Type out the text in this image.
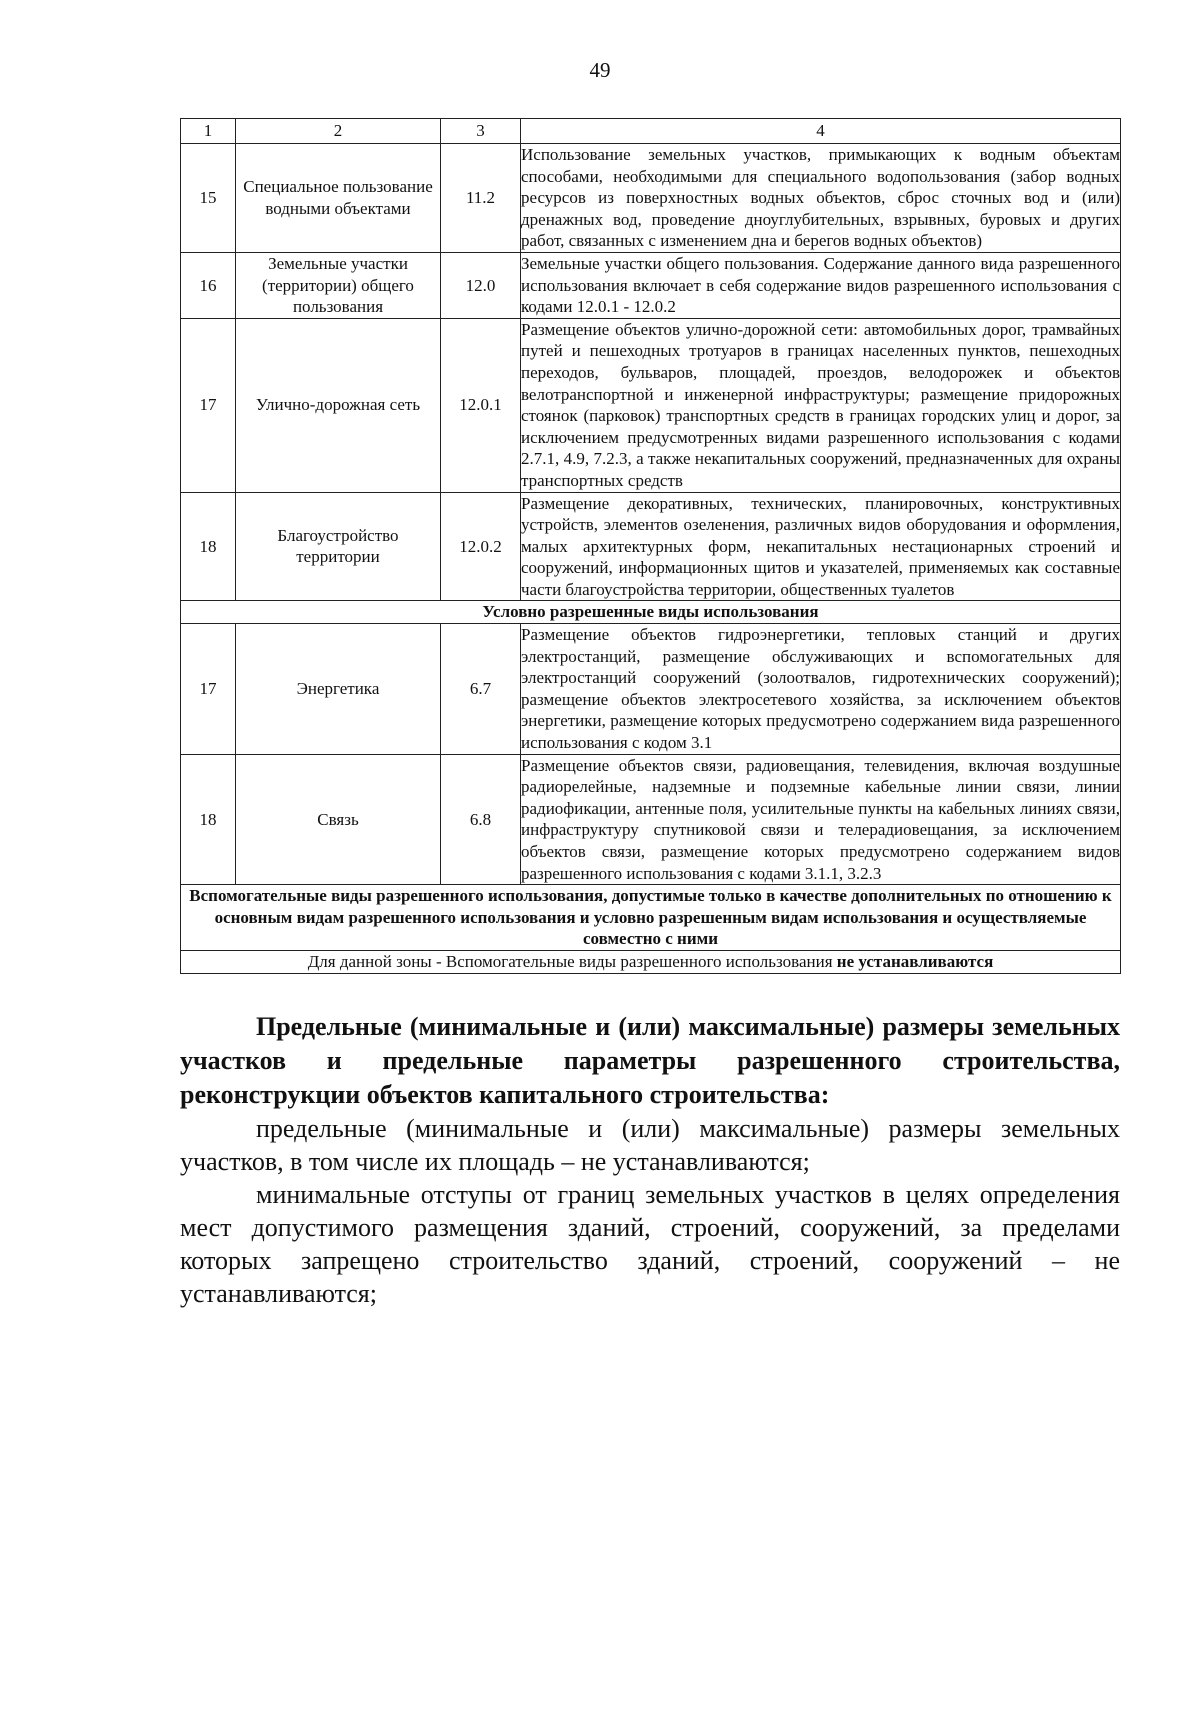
49
1	2	3	4
15	Специальное пользование водными объектами	11.2	Использование земельных участков, примыкающих к водным объектам способами, необходимыми для специального водопользования (забор водных ресурсов из поверхностных водных объектов, сброс сточных вод и (или) дренажных вод, проведение дноуглубительных, взрывных, буровых и других работ, связанных с изменением дна и берегов водных объектов)
16	Земельные участки (территории) общего пользования	12.0	Земельные участки общего пользования. Содержание данного вида разрешенного использования включает в себя содержание видов разрешенного использования с кодами 12.0.1 - 12.0.2
17	Улично-дорожная сеть	12.0.1	Размещение объектов улично-дорожной сети: автомобильных дорог, трамвайных путей и пешеходных тротуаров в границах населенных пунктов, пешеходных переходов, бульваров, площадей, проездов, велодорожек и объектов велотранспортной и инженерной инфраструктуры; размещение придорожных стоянок (парковок) транспортных средств в границах городских улиц и дорог, за исключением предусмотренных видами разрешенного использования с кодами 2.7.1, 4.9, 7.2.3, а также некапитальных сооружений, предназначенных для охраны транспортных средств
18	Благоустройство территории	12.0.2	Размещение декоративных, технических, планировочных, конструктивных устройств, элементов озеленения, различных видов оборудования и оформления, малых архитектурных форм, некапитальных нестационарных строений и сооружений, информационных щитов и указателей, применяемых как составные части благоустройства территории, общественных туалетов
Условно разрешенные виды использования			
17	Энергетика	6.7	Размещение объектов гидроэнергетики, тепловых станций и других электростанций, размещение обслуживающих и вспомогательных для электростанций сооружений (золоотвалов, гидротехнических сооружений); размещение объектов электросетевого хозяйства, за исключением объектов энергетики, размещение которых предусмотрено содержанием вида разрешенного использования с кодом 3.1
18	Связь	6.8	Размещение объектов связи, радиовещания, телевидения, включая воздушные радиорелейные, надземные и подземные кабельные линии связи, линии радиофикации, антенные поля, усилительные пункты на кабельных линиях связи, инфраструктуру спутниковой связи и телерадиовещания, за исключением объектов связи, размещение которых предусмотрено содержанием видов разрешенного использования с кодами 3.1.1, 3.2.3
Вспомогательные виды разрешенного использования, допустимые только в качестве дополнительных по отношению к основным видам разрешенного использования и условно разрешенным видам использования и осуществляемые совместно с ними			
Для данной зоны - Вспомогательные виды разрешенного использования не устанавливаются			
Предельные (минимальные и (или) максимальные) размеры земельных участков и предельные параметры разрешенного строительства, реконструкции объектов капитального строительства:

предельные (минимальные и (или) максимальные) размеры земельных участков, в том числе их площадь – не устанавливаются;

минимальные отступы от границ земельных участков в целях определения мест допустимого размещения зданий, строений, сооружений, за пределами которых запрещено строительство зданий, строений, сооружений – не устанавливаются;
